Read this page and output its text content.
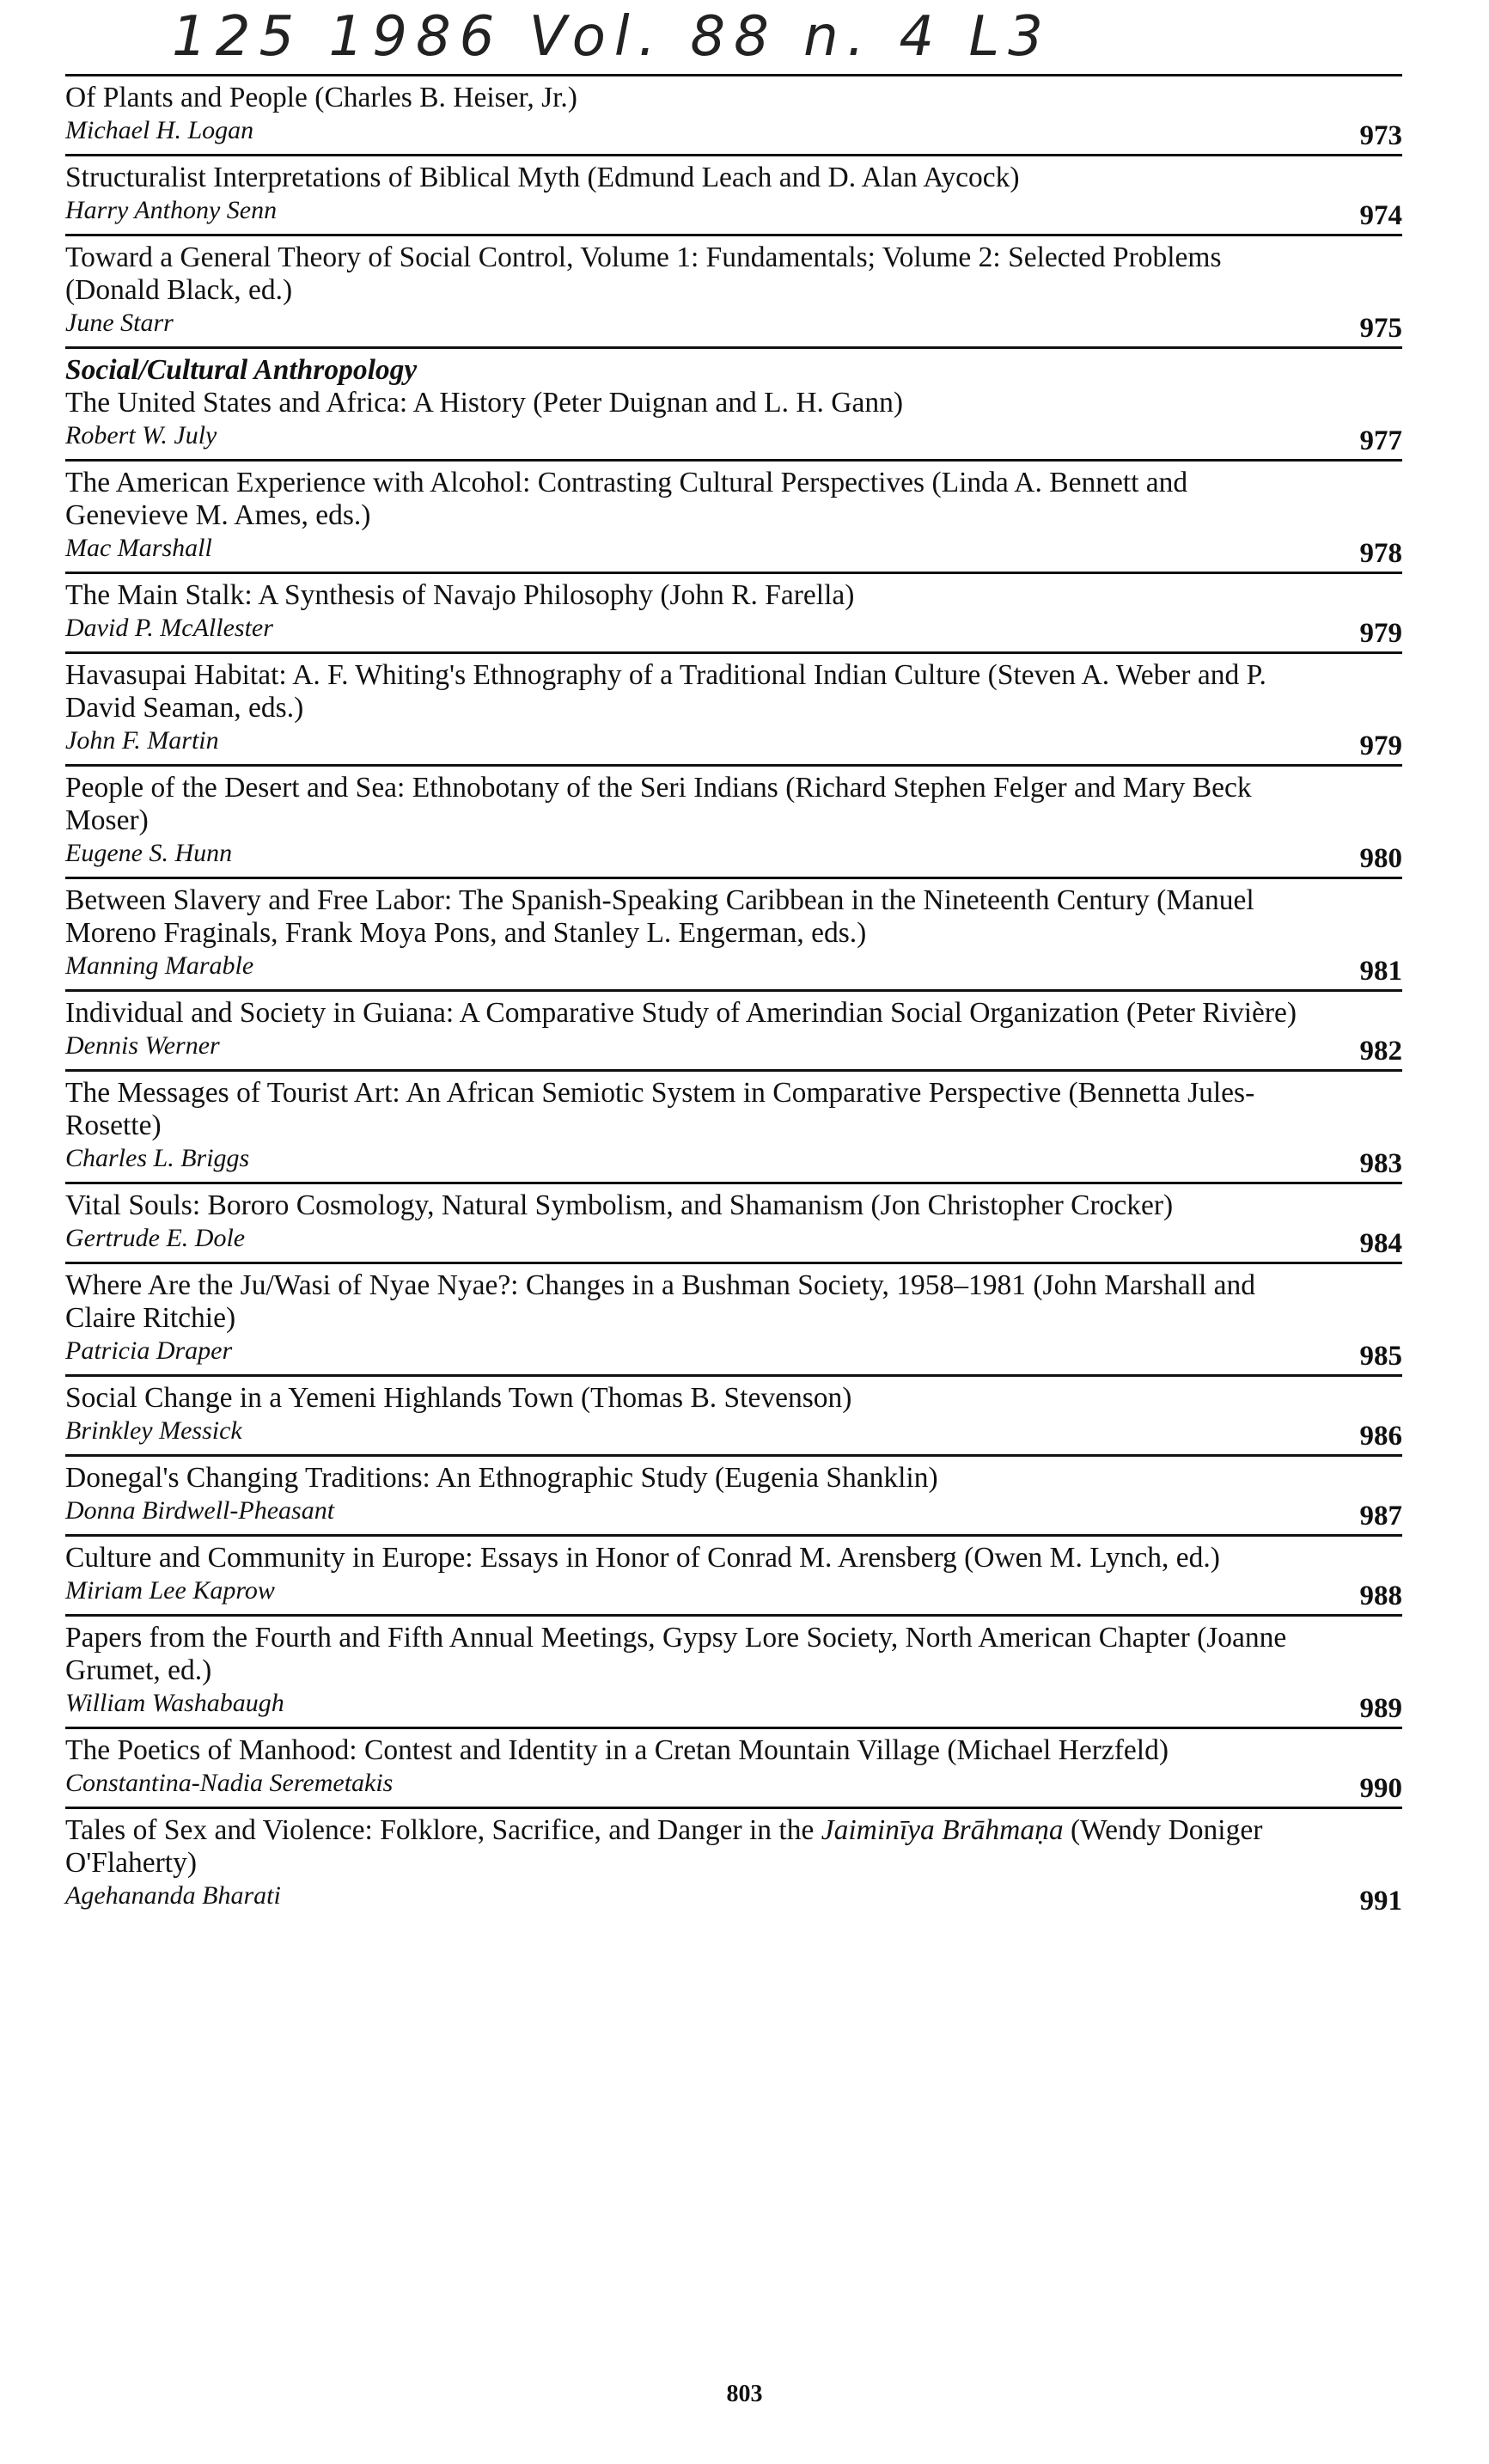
125 1986 Vol. 88 n. 4 L3
Of Plants and People (Charles B. Heiser, Jr.)
Michael H. Logan	973
Structuralist Interpretations of Biblical Myth (Edmund Leach and D. Alan Aycock)
Harry Anthony Senn	974
Toward a General Theory of Social Control, Volume 1: Fundamentals; Volume 2: Selected Problems (Donald Black, ed.)
June Starr	975
Social/Cultural Anthropology
The United States and Africa: A History (Peter Duignan and L. H. Gann)
Robert W. July	977
The American Experience with Alcohol: Contrasting Cultural Perspectives (Linda A. Bennett and Genevieve M. Ames, eds.)
Mac Marshall	978
The Main Stalk: A Synthesis of Navajo Philosophy (John R. Farella)
David P. McAllester	979
Havasupai Habitat: A. F. Whiting's Ethnography of a Traditional Indian Culture (Steven A. Weber and P. David Seaman, eds.)
John F. Martin	979
People of the Desert and Sea: Ethnobotany of the Seri Indians (Richard Stephen Felger and Mary Beck Moser)
Eugene S. Hunn	980
Between Slavery and Free Labor: The Spanish-Speaking Caribbean in the Nineteenth Century (Manuel Moreno Fraginals, Frank Moya Pons, and Stanley L. Engerman, eds.)
Manning Marable	981
Individual and Society in Guiana: A Comparative Study of Amerindian Social Organization (Peter Rivière)
Dennis Werner	982
The Messages of Tourist Art: An African Semiotic System in Comparative Perspective (Bennetta Jules-Rosette)
Charles L. Briggs	983
Vital Souls: Bororo Cosmology, Natural Symbolism, and Shamanism (Jon Christopher Crocker)
Gertrude E. Dole	984
Where Are the Ju/Wasi of Nyae Nyae?: Changes in a Bushman Society, 1958–1981 (John Marshall and Claire Ritchie)
Patricia Draper	985
Social Change in a Yemeni Highlands Town (Thomas B. Stevenson)
Brinkley Messick	986
Donegal's Changing Traditions: An Ethnographic Study (Eugenia Shanklin)
Donna Birdwell-Pheasant	987
Culture and Community in Europe: Essays in Honor of Conrad M. Arensberg (Owen M. Lynch, ed.)
Miriam Lee Kaprow	988
Papers from the Fourth and Fifth Annual Meetings, Gypsy Lore Society, North American Chapter (Joanne Grumet, ed.)
William Washabaugh	989
The Poetics of Manhood: Contest and Identity in a Cretan Mountain Village (Michael Herzfeld)
Constantina-Nadia Seremetakis	990
Tales of Sex and Violence: Folklore, Sacrifice, and Danger in the Jaiminīya Brāhmaṇa (Wendy Doniger O'Flaherty)
Agehananda Bharati	991
803
